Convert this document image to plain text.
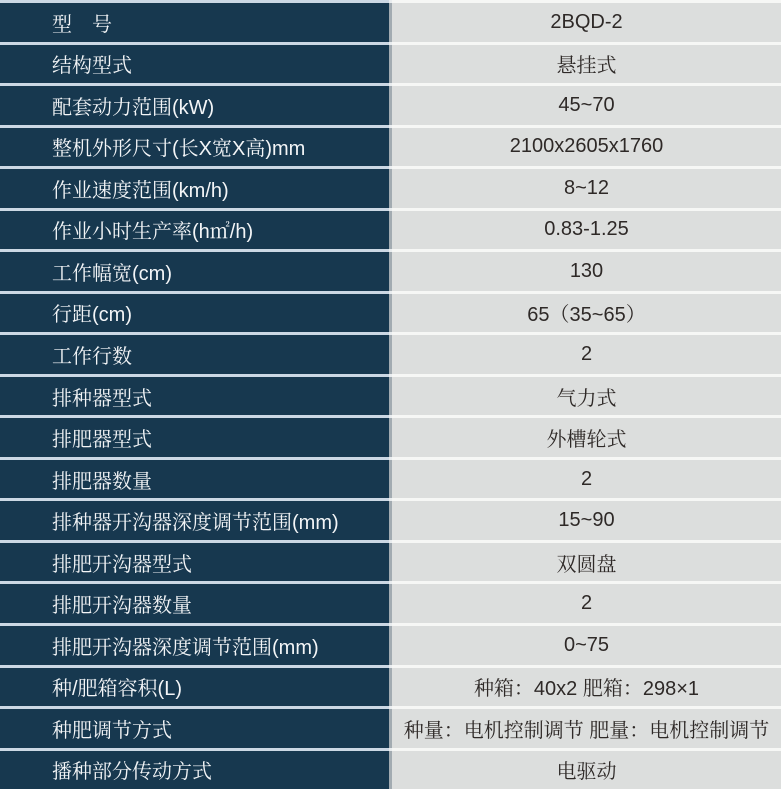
型　号	2BQD-2
结构型式	悬挂式
配套动力范围(kW)	45~70
整机外形尺寸(长X宽X高)mm	2100x2605x1760
作业速度范围(km/h)	8~12
作业小时生产率(h㎡/h)	0.83-1.25
工作幅宽(cm)	130
行距(cm)	65（35~65）
工作行数	2
排种器型式	气力式
排肥器型式	外槽轮式
排肥器数量	2
排种器开沟器深度调节范围(mm)	15~90
排肥开沟器型式	双圆盘
排肥开沟器数量	2
排肥开沟器深度调节范围(mm)	0~75
种/肥箱容积(L)	种箱：40x2 肥箱：298×1
种肥调节方式	种量：电机控制调节 肥量：电机控制调节
播种部分传动方式	电驱动
